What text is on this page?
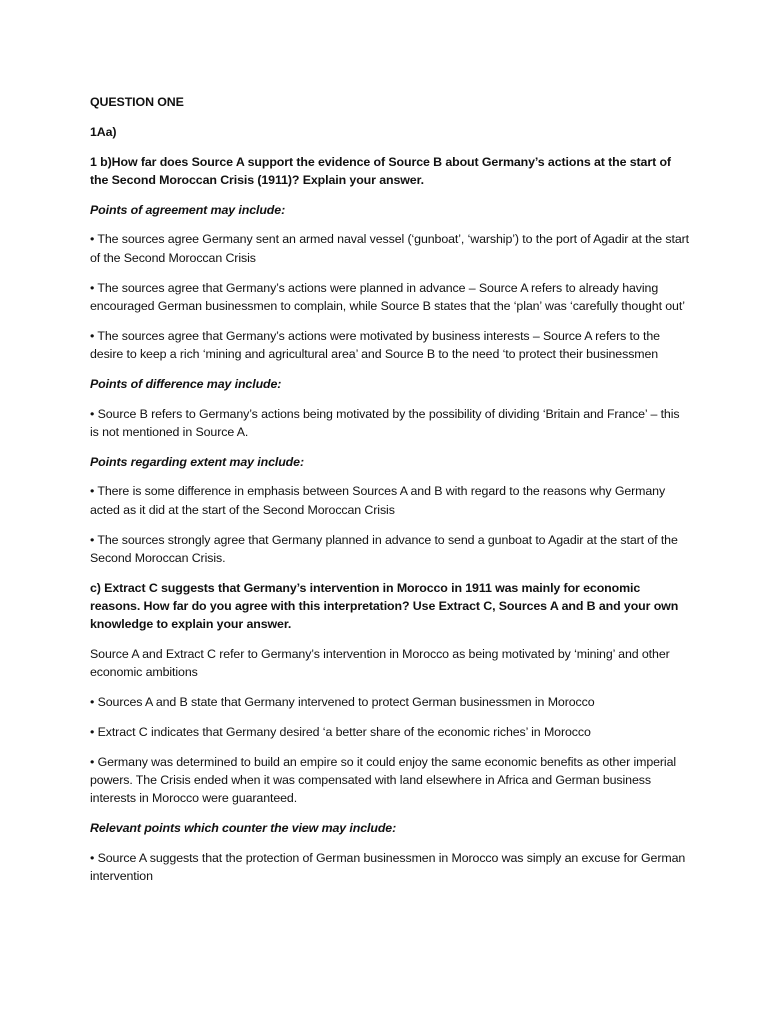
QUESTION ONE

1Aa)

1 b)How far does Source A support the evidence of Source B about Germany’s actions at the start of the Second Moroccan Crisis (1911)? Explain your answer.

Points of agreement may include:

• The sources agree Germany sent an armed naval vessel (‘gunboat’, ‘warship’) to the port of Agadir at the start of the Second Moroccan Crisis

• The sources agree that Germany’s actions were planned in advance – Source A refers to already having encouraged German businessmen to complain, while Source B states that the ‘plan’ was ‘carefully thought out’

• The sources agree that Germany’s actions were motivated by business interests – Source A refers to the desire to keep a rich ‘mining and agricultural area’ and Source B to the need ‘to protect their businessmen

Points of difference may include:

• Source B refers to Germany’s actions being motivated by the possibility of dividing ‘Britain and France’ – this is not mentioned in Source A.

Points regarding extent may include:

• There is some difference in emphasis between Sources A and B with regard to the reasons why Germany acted as it did at the start of the Second Moroccan Crisis

• The sources strongly agree that Germany planned in advance to send a gunboat to Agadir at the start of the Second Moroccan Crisis.

c) Extract C suggests that Germany’s intervention in Morocco in 1911 was mainly for economic reasons. How far do you agree with this interpretation? Use Extract C, Sources A and B and your own knowledge to explain your answer.

Source A and Extract C refer to Germany’s intervention in Morocco as being motivated by ‘mining’ and other economic ambitions

• Sources A and B state that Germany intervened to protect German businessmen in Morocco

• Extract C indicates that Germany desired ‘a better share of the economic riches’ in Morocco

• Germany was determined to build an empire so it could enjoy the same economic benefits as other imperial powers. The Crisis ended when it was compensated with land elsewhere in Africa and German business interests in Morocco were guaranteed.

Relevant points which counter the view may include:

• Source A suggests that the protection of German businessmen in Morocco was simply an excuse for German intervention
